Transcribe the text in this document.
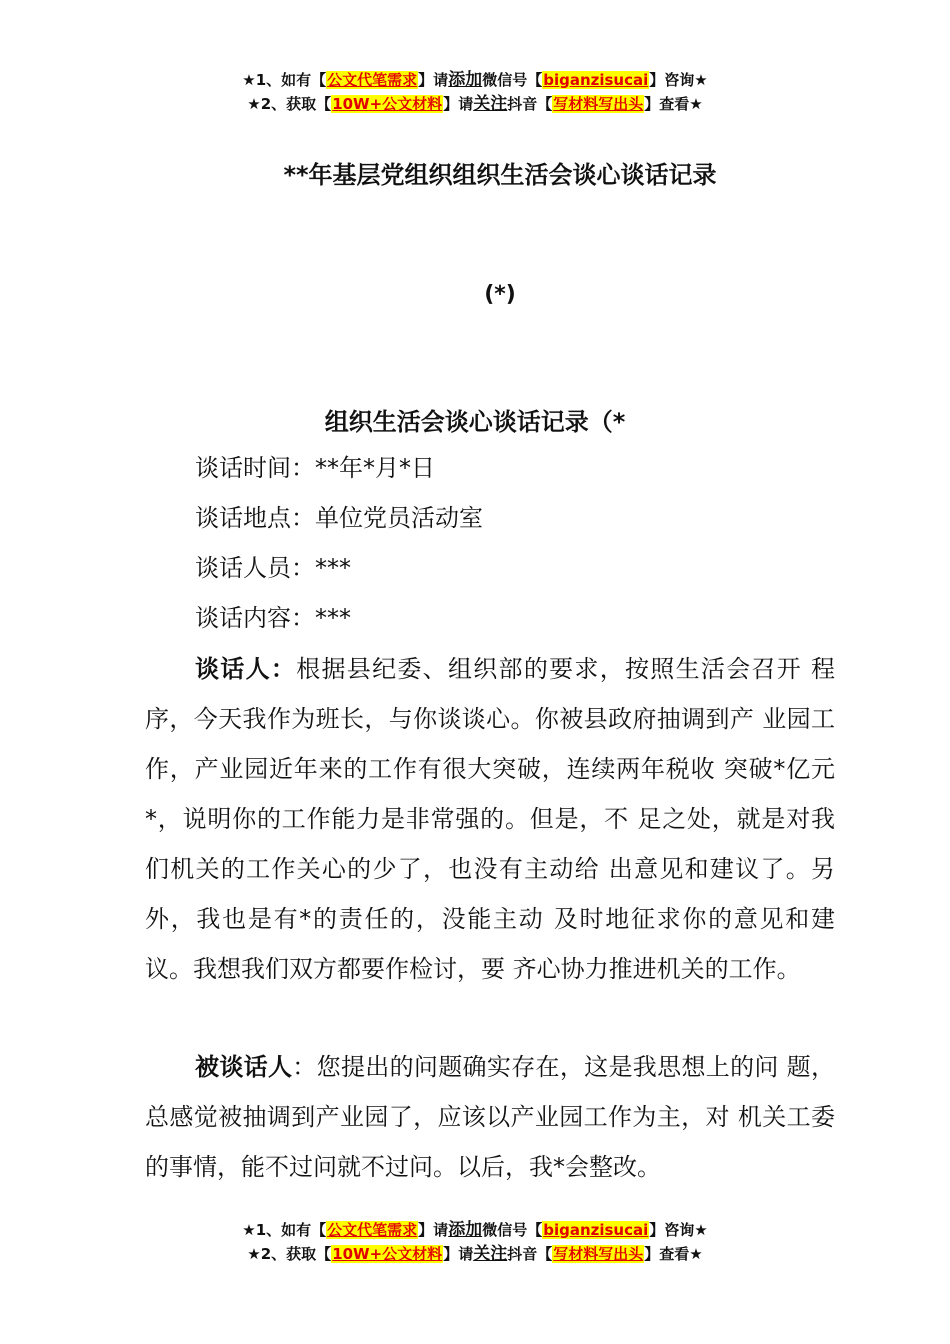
★1、如有【公文代笔需求】请添加微信号【biganzisucai】咨询★
★2、获取【10W+公文材料】请关注抖音【写材料写出头】查看★
**年基层党组织组织生活会谈心谈话记录
(*)
组织生活会谈心谈话记录（*
谈话时间：**年*月*日
谈话地点：单位党员活动室
谈话人员：***
谈话内容：***
谈话人：根据县纪委、组织部的要求，按照生活会召开 程序，今天我作为班长，与你谈谈心。你被县政府抽调到产 业园工作，产业园近年来的工作有很大突破，连续两年税收 突破*亿元*，说明你的工作能力是非常强的。但是，不 足之处，就是对我们机关的工作关心的少了，也没有主动给 出意见和建议了。另外，我也是有*的责任的，没能主动 及时地征求你的意见和建议。我想我们双方都要作检讨，要 齐心协力推进机关的工作。
被谈话人：您提出的问题确实存在，这是我思想上的问 题，总感觉被抽调到产业园了，应该以产业园工作为主，对 机关工委的事情，能不过问就不过问。以后，我*会整改。
★1、如有【公文代笔需求】请添加微信号【biganzisucai】咨询★
★2、获取【10W+公文材料】请关注抖音【写材料写出头】查看★
